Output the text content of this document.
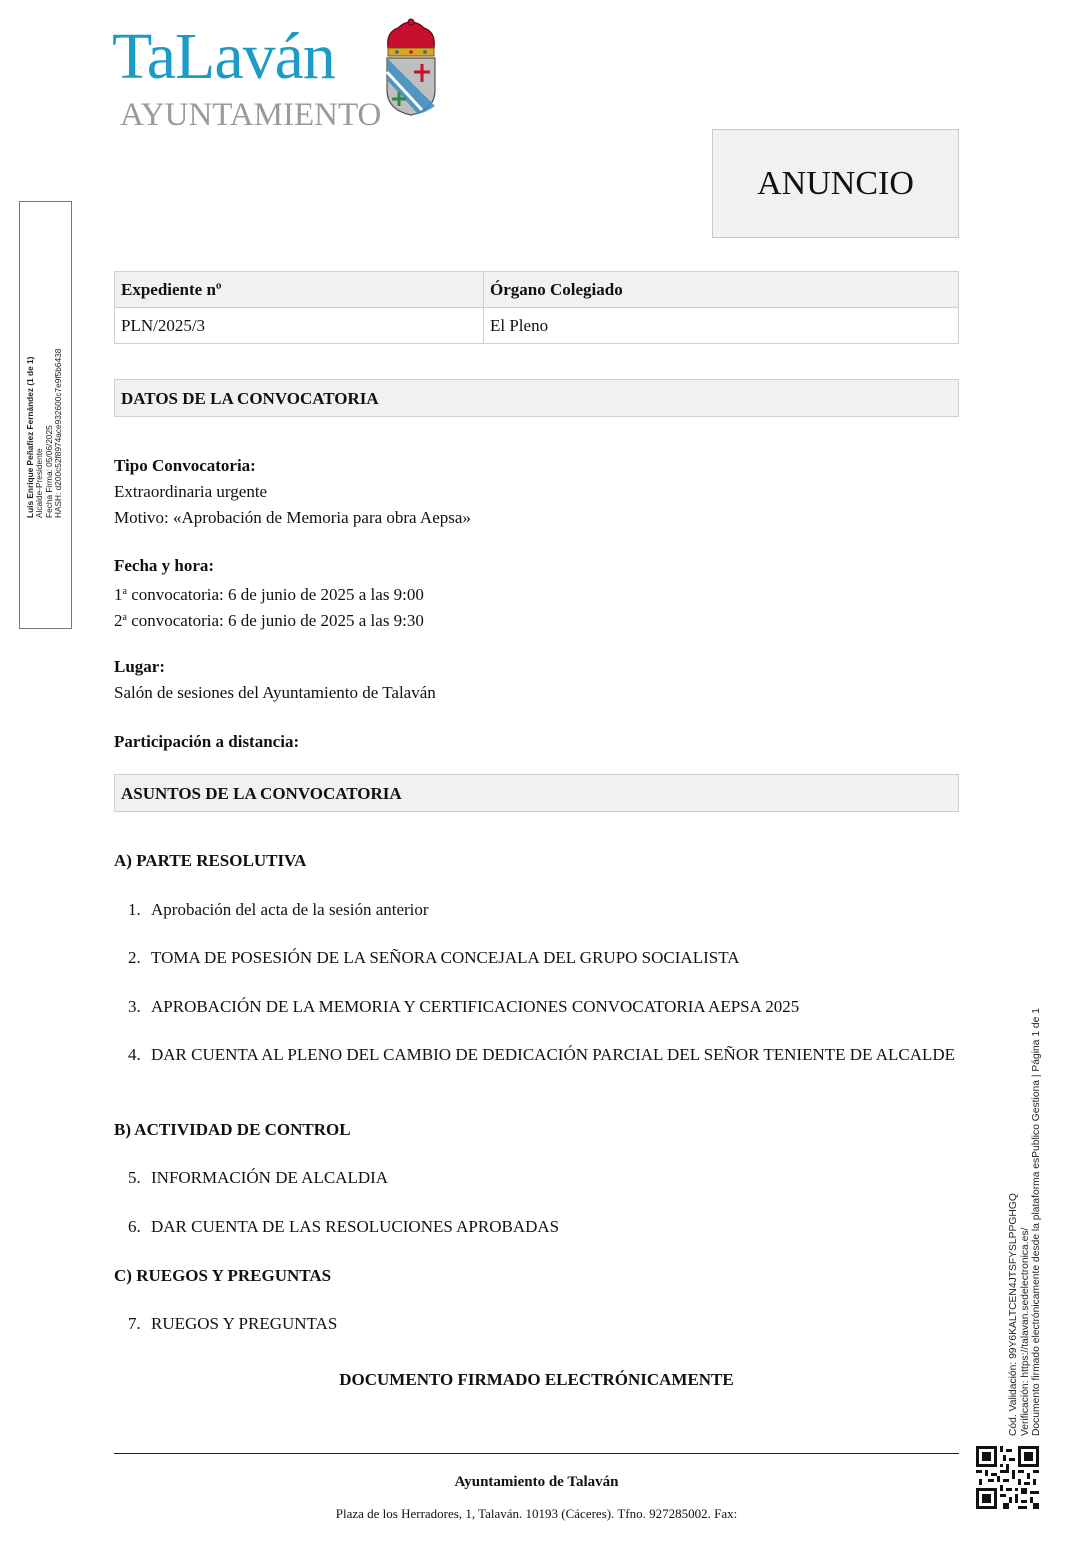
TaLaván
AYUNTAMIENTO
ANUNCIO
Luis Enrique Peñafiez Fernández (1 de 1) Alcalde-Presidente Fecha Firma: 05/06/2025 HASH: d200c52f8974ace932600c7e9f5b6438
Expediente nº	Órgano Colegiado
PLN/2025/3	El Pleno
DATOS DE LA CONVOCATORIA
Tipo Convocatoria:
Extraordinaria urgente
Motivo: «Aprobación de Memoria para obra Aepsa»
Fecha y hora:
1$^a$ convocatoria: 6 de junio de 2025 a las 9:00
2$^a$ convocatoria: 6 de junio de 2025 a las 9:30
Lugar:
Salón de sesiones del Ayuntamiento de Talaván
Participación a distancia:
ASUNTOS DE LA CONVOCATORIA
A) PARTE RESOLUTIVA
1. Aprobación del acta de la sesión anterior
2. TOMA DE POSESIÓN DE LA SEÑORA CONCEJALA DEL GRUPO SOCIALISTA
3. APROBACIÓN DE LA MEMORIA Y CERTIFICACIONES CONVOCATORIA AEPSA 2025
4. DAR CUENTA AL PLENO DEL CAMBIO DE DEDICACIÓN PARCIAL DEL SEÑOR TENIENTE DE ALCALDE
B) ACTIVIDAD DE CONTROL
5. INFORMACIÓN DE ALCALDIA
6. DAR CUENTA DE LAS RESOLUCIONES APROBADAS
C) RUEGOS Y PREGUNTAS
7. RUEGOS Y PREGUNTAS
DOCUMENTO FIRMADO ELECTRÓNICAMENTE
Ayuntamiento de Talaván
Plaza de los Herradores, 1, Talaván. 10193 (Cáceres). Tfno. 927285002. Fax:
Cód. Validación: 99Y6KALTCEN4JTSFYSLPPGHGQ Verificación: https://talavan.sedelectronica.es/ Documento firmado electrónicamente desde la plataforma esPublico Gestiona | Página 1 de 1
